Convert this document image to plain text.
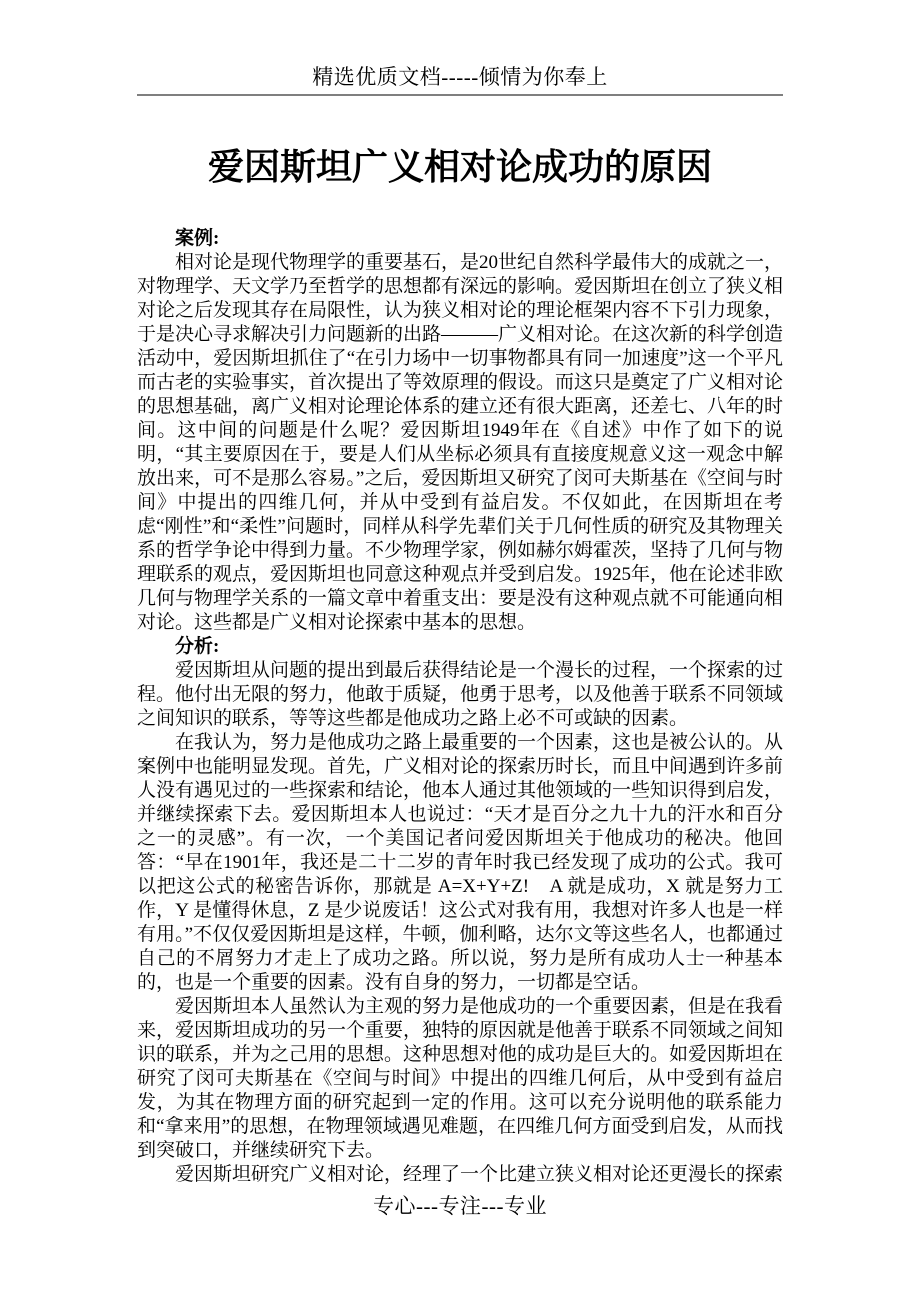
精选优质文档-----倾情为你奉上
爱因斯坦广义相对论成功的原因

案例:

相对论是现代物理学的重要基石，是20世纪自然科学最伟大的成就之一，对物理学、天文学乃至哲学的思想都有深远的影响。爱因斯坦在创立了狭义相对论之后发现其存在局限性，认为狭义相对论的理论框架内容不下引力现象，于是决心寻求解决引力问题新的出路———广义相对论。在这次新的科学创造活动中，爱因斯坦抓住了“在引力场中一切事物都具有同一加速度”这一个平凡而古老的实验事实，首次提出了等效原理的假设。而这只是奠定了广义相对论的思想基础，离广义相对论理论体系的建立还有很大距离，还差七、八年的时间。这中间的问题是什么呢？爱因斯坦1949年在《自述》中作了如下的说明，“其主要原因在于，要是人们从坐标必须具有直接度规意义这一观念中解放出来，可不是那么容易。”之后，爱因斯坦又研究了闵可夫斯基在《空间与时间》中提出的四维几何，并从中受到有益启发。不仅如此，在因斯坦在考虑“刚性”和“柔性”问题时，同样从科学先辈们关于几何性质的研究及其物理关系的哲学争论中得到力量。不少物理学家，例如赫尔姆霍茨，坚持了几何与物理联系的观点，爱因斯坦也同意这种观点并受到启发。1925年，他在论述非欧几何与物理学关系的一篇文章中着重支出：要是没有这种观点就不可能通向相对论。这些都是广义相对论探索中基本的思想。

分析:

爱因斯坦从问题的提出到最后获得结论是一个漫长的过程，一个探索的过程。他付出无限的努力，他敢于质疑，他勇于思考，以及他善于联系不同领域之间知识的联系，等等这些都是他成功之路上必不可或缺的因素。

在我认为，努力是他成功之路上最重要的一个因素，这也是被公认的。从案例中也能明显发现。首先，广义相对论的探索历时长，而且中间遇到许多前人没有遇见过的一些探索和结论，他本人通过其他领域的一些知识得到启发，并继续探索下去。爱因斯坦本人也说过：“天才是百分之九十九的汗水和百分之一的灵感”。有一次，一个美国记者问爱因斯坦关于他成功的秘决。他回答：“早在1901年，我还是二十二岁的青年时我已经发现了成功的公式。我可以把这公式的秘密告诉你，那就是 A=X+Y+Z!　A 就是成功，X 就是努力工作，Y 是懂得休息，Z 是少说废话！这公式对我有用，我想对许多人也是一样有用。”不仅仅爱因斯坦是这样，牛顿，伽利略，达尔文等这些名人，也都通过自己的不屑努力才走上了成功之路。所以说，努力是所有成功人士一种基本的，也是一个重要的因素。没有自身的努力，一切都是空话。

爱因斯坦本人虽然认为主观的努力是他成功的一个重要因素，但是在我看来，爱因斯坦成功的另一个重要，独特的原因就是他善于联系不同领域之间知识的联系，并为之己用的思想。这种思想对他的成功是巨大的。如爱因斯坦在研究了闵可夫斯基在《空间与时间》中提出的四维几何后，从中受到有益启发，为其在物理方面的研究起到一定的作用。这可以充分说明他的联系能力和“拿来用”的思想，在物理领域遇见难题，在四维几何方面受到启发，从而找到突破口，并继续研究下去。

爱因斯坦研究广义相对论，经理了一个比建立狭义相对论还更漫长的探索

专心---专注---专业
